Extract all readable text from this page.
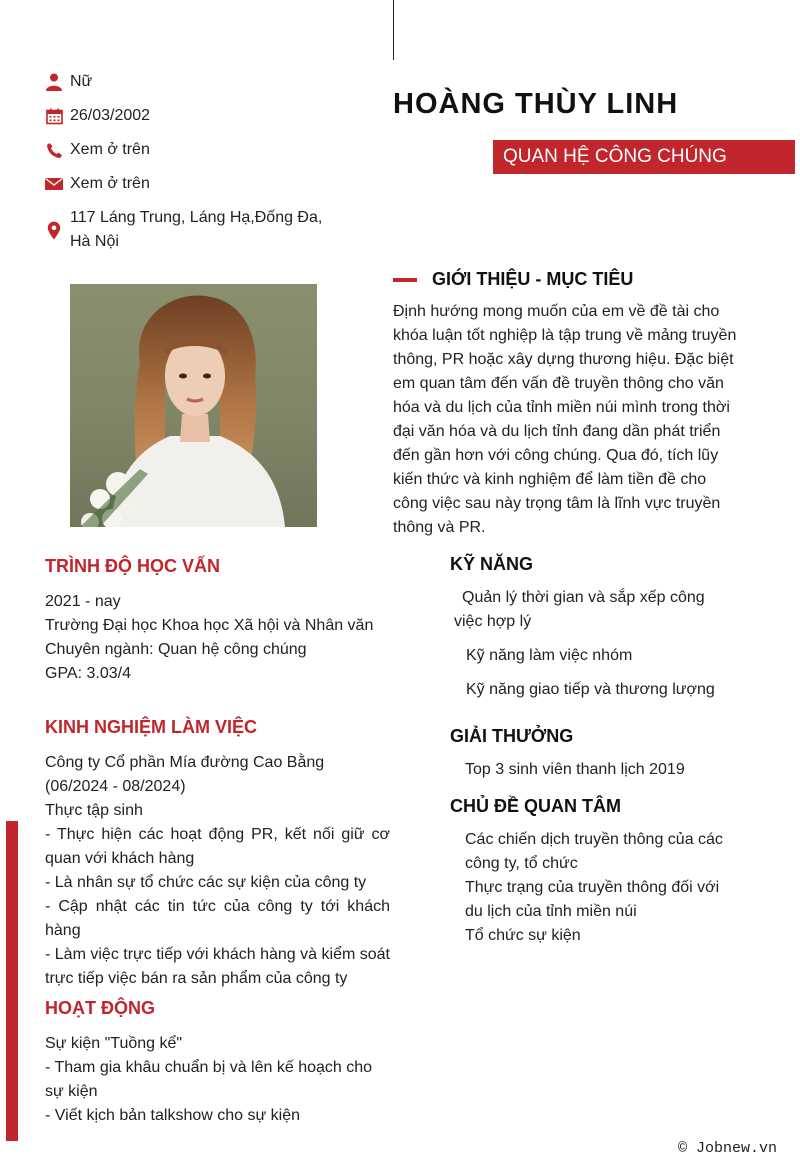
Nữ
26/03/2002
Xem ở trên
Xem ở trên
117 Láng Trung, Láng Hạ,Đống Đa, Hà Nội
HOÀNG THÙY LINH
QUAN HỆ CÔNG CHÚNG
GIỚI THIỆU - MỤC TIÊU
Định hướng mong muốn của em về đề tài cho khóa luận tốt nghiệp là tập trung về mảng truyền thông, PR hoặc xây dựng thương hiệu. Đặc biệt em quan tâm đến vấn đề truyền thông cho văn hóa và du lịch của tỉnh miền núi mình trong thời đại văn hóa và du lịch tỉnh đang dần phát triển đến gần hơn với công chúng. Qua đó, tích lũy kiến thức và kinh nghiệm để làm tiền đề cho công việc sau này trọng tâm là lĩnh vực truyền thông và PR.
TRÌNH ĐỘ HỌC VẤN
2021 - nay
Trường Đại học Khoa học Xã hội và Nhân văn
Chuyên ngành: Quan hệ công chúng
GPA: 3.03/4
KINH NGHIỆM LÀM VIỆC
Công ty Cổ phần Mía đường Cao Bằng
(06/2024 - 08/2024)
Thực tập sinh
- Thực hiện các hoạt động PR, kết nối giữ cơ quan với khách hàng
- Là nhân sự tổ chức các sự kiện của công ty
- Cập nhật các tin tức của công ty tới khách hàng
- Làm việc trực tiếp với khách hàng và kiểm soát trực tiếp việc bán ra sản phẩm của công ty
HOẠT ĐỘNG
Sự kiện "Tuồng kể"
- Tham gia khâu chuẩn bị và lên kế hoạch cho sự kiện
- Viết kịch bản talkshow cho sự kiện
KỸ NĂNG
Quản lý thời gian và sắp xếp công việc hợp lý
Kỹ năng làm việc nhóm
Kỹ năng giao tiếp và thương lượng
GIẢI THƯỞNG
Top 3 sinh viên thanh lịch 2019
CHỦ ĐỀ QUAN TÂM
Các chiến dịch truyền thông của các công ty, tổ chức
Thực trạng của truyền thông đối với du lịch của tỉnh miền núi
Tổ chức sự kiện
© Jobnew.vn
